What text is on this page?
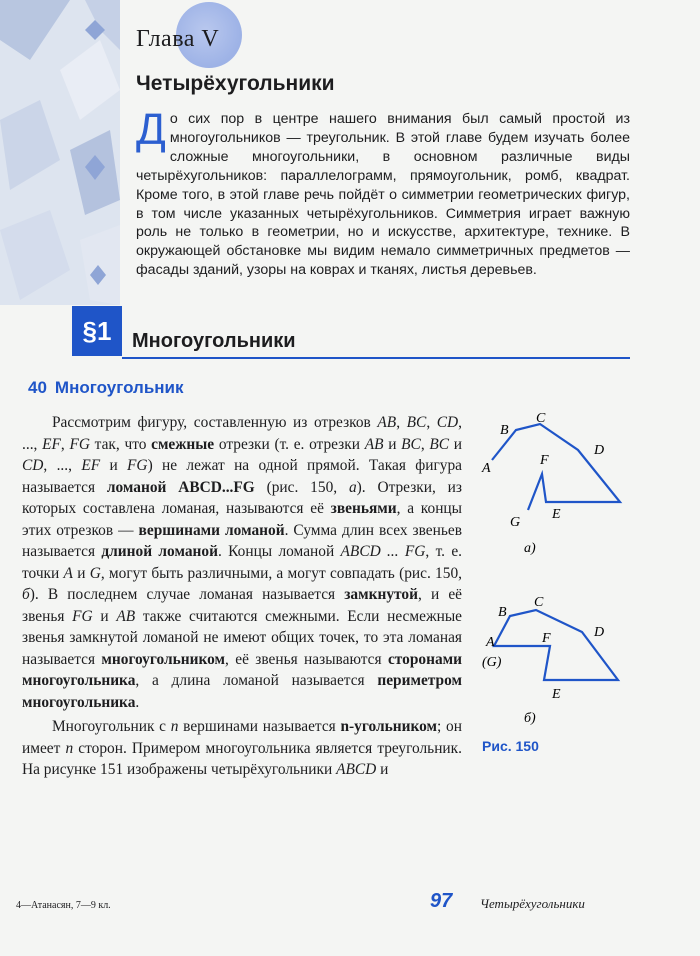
Глава V
Четырёхугольники
До сих пор в центре нашего внимания был самый простой из многоугольников — треугольник. В этой главе будем изучать более сложные многоугольники, в основном различные виды четырёхугольников: параллелограмм, прямоугольник, ромб, квадрат. Кроме того, в этой главе речь пойдёт о симметрии геометрических фигур, в том числе указанных четырёхугольников. Симметрия играет важную роль не только в геометрии, но и искусстве, архитектуре, технике. В окружающей обстановке мы видим немало симметричных предметов — фасады зданий, узоры на коврах и тканях, листья деревьев.
§1	Многоугольники
40 Многоугольник

Рассмотрим фигуру, составленную из отрезков AB, BC, CD, ..., EF, FG так, что смежные отрезки (т. е. отрезки AB и BC, BC и CD, ..., EF и FG) не лежат на одной прямой. Такая фигура называется ломаной ABCD...FG (рис. 150, а). Отрезки, из которых составлена ломаная, называются её звеньями, а концы этих отрезков — вершинами ломаной. Сумма длин всех звеньев называется длиной ломаной. Концы ломаной ABCD ... FG, т. е. точки A и G, могут быть различными, а могут совпадать (рис. 150, б). В последнем случае ломаная называется замкнутой, и её звенья FG и AB также считаются смежными. Если несмежные звенья замкнутой ломаной не имеют общих точек, то эта ломаная называется многоугольником, её звенья называются сторонами многоугольника, а длина ломаной называется периметром многоугольника.

Многоугольник с n вершинами называется n-угольником; он имеет n сторон. Примером многоугольника является треугольник. На рисунке 151 изображены четырёхугольники ABCD и

A
B
C
D
E
F
G
а)
A
(G)
B
C
D
E
F
б)
Рис. 150
4—Атанасян, 7—9 кл.	97 Четырёхугольники
